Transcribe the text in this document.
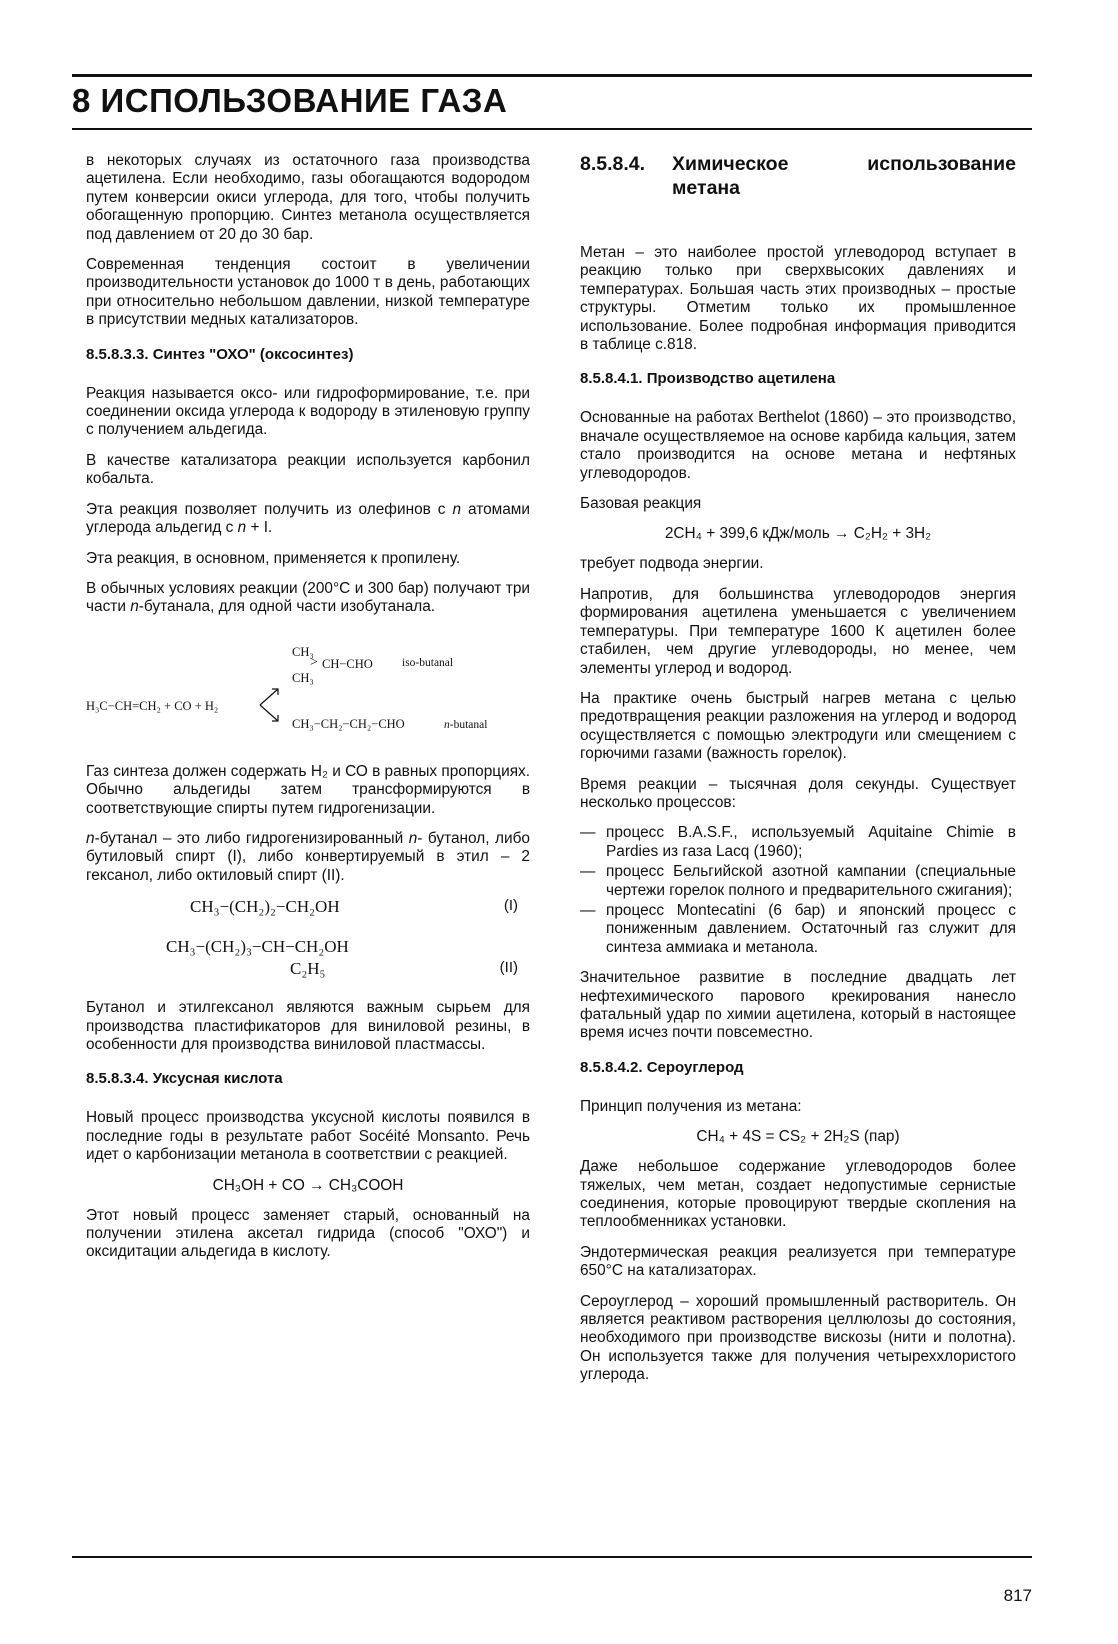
8 ИСПОЛЬЗОВАНИЕ ГАЗА

в некоторых случаях из остаточного газа производства ацетилена. Если необходимо, газы обогащаются водородом путем конверсии окиси углерода, для того, чтобы получить обогащенную пропорцию. Синтез метанола осуществляется под давлением от 20 до 30 бар.

Современная тенденция состоит в увеличении производительности установок до 1000 т в день, работающих при относительно небольшом давлении, низкой температуре в присутствии медных катализаторов.

8.5.8.3.3. Синтез "ОХО" (оксосинтез)

Реакция называется оксо- или гидроформирование, т.е. при соединении оксида углерода к водороду в этиленовую группу с получением альдегида.

В качестве катализатора реакции используется карбонил кобальта.

Эта реакция позволяет получить из олефинов с n атомами углерода альдегид с n + I.

Эта реакция, в основном, применяется к пропилену.

В обычных условиях реакции (200°С и 300 бар) получают три части n-бутанала, для одной части изобутанала.

CH₃
CH₃
> CH−CHO	iso-butanal
H₃C−CH=CH₂ + CO + H₂
CH₃−CH₂−CH₂−CHO	n -butanal

Газ синтеза должен содержать H₂ и СО в равных пропорциях. Обычно альдегиды затем трансформируются в соответствующие спирты путем гидрогенизации.

n-бутанал – это либо гидрогенизированный n- бутанол, либо бутиловый спирт (I), либо конвертируемый в этил – 2 гексанол, либо октиловый спирт (II).

CH₃−(CH₂)₂−CH₂OH	(I)
CH₃−(CH₂)₃−CH−CH₂OH
C₂H₅	(II)

Бутанол и этилгексанол являются важным сырьем для производства пластификаторов для виниловой резины, в особенности для производства виниловой пластмассы.

8.5.8.3.4. Уксусная кислота

Новый процесс производства уксусной кислоты появился в последние годы в результате работ Socéité Monsanto. Речь идет о карбонизации метанола в соответствии с реакцией.

CH₃OH + CO → CH₃COOH

Этот новый процесс заменяет старый, основанный на получении этилена аксетал гидрида (способ "ОХО") и оксидитации альдегида в кислоту.

8.5.8.4.	Химическое	использование
метана

Метан – это наиболее простой углеводород вступает в реакцию только при сверхвысоких давлениях и температурах. Большая часть этих производных – простые структуры. Отметим только их промышленное использование. Более подробная информация приводится в таблице с.818.

8.5.8.4.1. Производство ацетилена

Основанные на работах Berthelot (1860) – это производство, вначале осуществляемое на основе карбида кальция, затем стало производится на основе метана и нефтяных углеводородов.

Базовая реакция

2CH₄ + 399,6 кДж/моль → C₂H₂ + 3H₂

требует подвода энергии.

Напротив, для большинства углеводородов энергия формирования ацетилена уменьшается с увеличением температуры. При температуре 1600 К ацетилен более стабилен, чем другие углеводороды, но менее, чем элементы углерод и водород.

На практике очень быстрый нагрев метана с целью предотвращения реакции разложения на углерод и водород осуществляется с помощью электродуги или смещением с горючими газами (важность горелок).

Время реакции – тысячная доля секунды. Существует несколько процессов:

— процесс B.A.S.F., используемый Aquitaine Chimie в Pardies из газа Lacq (1960);
— процесс Бельгийской азотной кампании (специальные чертежи горелок полного и предварительного сжигания);
— процесс Montecatini (6 бар) и японский процесс с пониженным давлением. Остаточный газ служит для синтеза аммиака и метанола.

Значительное развитие в последние двадцать лет нефтехимического парового крекирования нанесло фатальный удар по химии ацетилена, который в настоящее время исчез почти повсеместно.

8.5.8.4.2. Сероуглерод

Принцип получения из метана:

CH₄ + 4S = CS₂ + 2H₂S (пар)

Даже небольшое содержание углеводородов более тяжелых, чем метан, создает недопустимые сернистые соединения, которые провоцируют твердые скопления на теплообменниках установки.

Эндотермическая реакция реализуется при температуре 650°С на катализаторах.

Сероуглерод – хороший промышленный растворитель. Он является реактивом растворения целлюлозы до состояния, необходимого при производстве вискозы (нити и полотна). Он используется также для получения четыреххлористого углерода.

817
